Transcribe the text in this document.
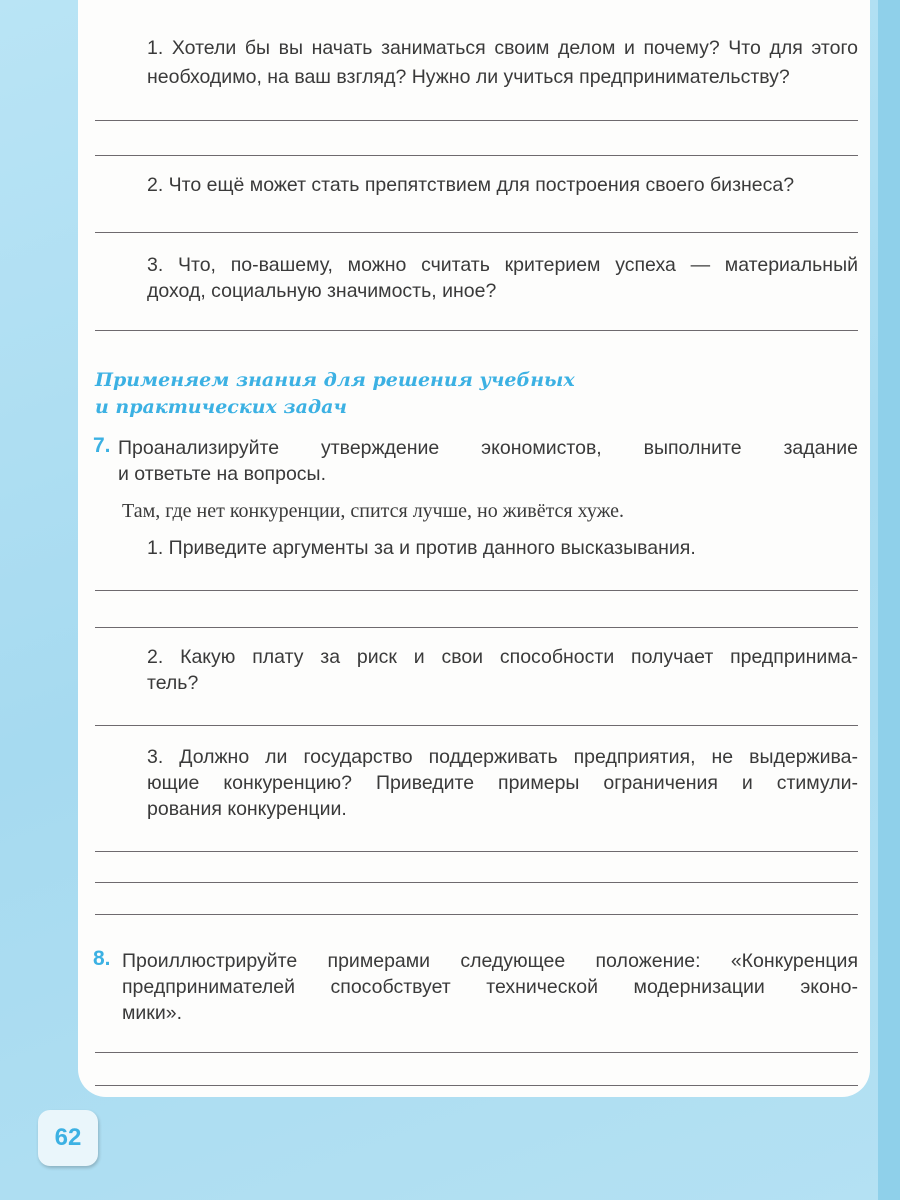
1. Хотели бы вы начать заниматься своим делом и почему? Что для этого
необходимо, на ваш взгляд? Нужно ли учиться предпринимательству?
2. Что ещё может стать препятствием для построения своего бизнеса?
3. Что, по-вашему, можно считать критерием успеха — материальный
доход, социальную значимость, иное?
Применяем знания для решения учебных
и практических задач
7. Проанализируйте утверждение экономистов, выполните задание
и ответьте на вопросы.
Там, где нет конкуренции, спится лучше, но живётся хуже.
1. Приведите аргументы за и против данного высказывания.
2. Какую плату за риск и свои способности получает предпринима-
тель?
3. Должно ли государство поддерживать предприятия, не выдержива-
ющие конкуренцию? Приведите примеры ограничения и стимули-
рования конкуренции.
8. Проиллюстрируйте примерами следующее положение: «Конкуренция
предпринимателей способствует технической модернизации эконо-
мики».
62
